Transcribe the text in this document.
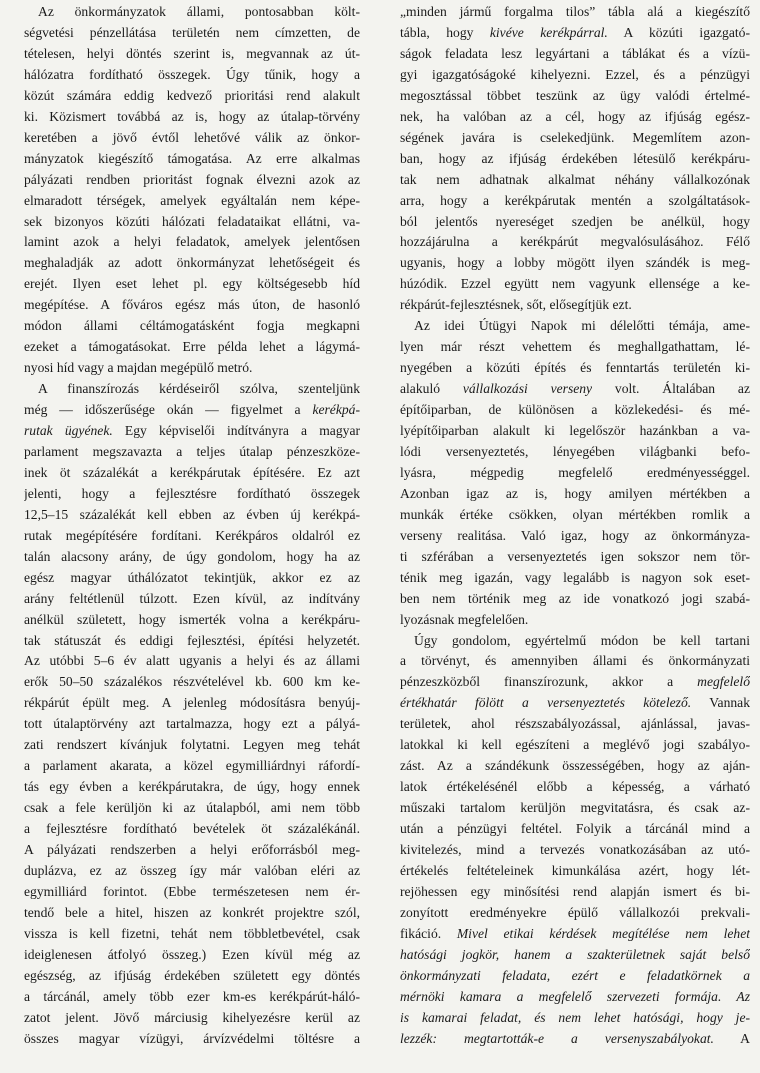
Az önkormányzatok állami, pontosabban költ-
ségvetési pénzellátása területén nem címzetten, de
tételesen, helyi döntés szerint is, megvannak az út-
hálózatra fordítható összegek. Úgy tűnik, hogy a
közút számára eddig kedvező prioritási rend alakult
ki. Közismert továbbá az is, hogy az útalap-törvény
keretében a jövő évtől lehetővé válik az önkor-
mányzatok kiegészítő támogatása. Az erre alkalmas
pályázati rendben prioritást fognak élvezni azok az
elmaradott térségek, amelyek egyáltalán nem képe-
sek bizonyos közúti hálózati feladataikat ellátni, va-
lamint azok a helyi feladatok, amelyek jelentősen
meghaladják az adott önkormányzat lehetőségeit és
erejét. Ilyen eset lehet pl. egy költségesebb híd
megépítése. A főváros egész más úton, de hasonló
módon állami céltámogatásként fogja megkapni
ezeket a támogatásokat. Erre példa lehet a lágymá-
nyosi híd vagy a majdan megépülő metró.
A finanszírozás kérdéseiről szólva, szenteljünk
még — időszerűsége okán — figyelmet a kerékpá-
rutak ügyének. Egy képviselői indítványra a magyar
parlament megszavazta a teljes útalap pénzeszköze-
inek öt százalékát a kerékpárutak építésére. Ez azt
jelenti, hogy a fejlesztésre fordítható összegek
12,5–15 százalékát kell ebben az évben új kerékpá-
rutak megépítésére fordítani. Kerékpáros oldalról ez
talán alacsony arány, de úgy gondolom, hogy ha az
egész magyar úthálózatot tekintjük, akkor ez az
arány feltétlenül túlzott. Ezen kívül, az indítvány
anélkül született, hogy ismerték volna a kerékpáru-
tak státuszát és eddigi fejlesztési, építési helyzetét.
Az utóbbi 5–6 év alatt ugyanis a helyi és az állami
erők 50–50 százalékos részvételével kb. 600 km ke-
rékpárút épült meg. A jelenleg módosításra benyúj-
tott útalaptörvény azt tartalmazza, hogy ezt a pályá-
zati rendszert kívánjuk folytatni. Legyen meg tehát
a parlament akarata, a közel egymilliárdnyi ráfordí-
tás egy évben a kerékpárutakra, de úgy, hogy ennek
csak a fele kerüljön ki az útalapból, ami nem több
a fejlesztésre fordítható bevételek öt százalékánál.
A pályázati rendszerben a helyi erőforrásból meg-
duplázva, ez az összeg így már valóban eléri az
egymilliárd forintot. (Ebbe természetesen nem ér-
tendő bele a hitel, hiszen az konkrét projektre szól,
vissza is kell fizetni, tehát nem többletbevétel, csak
ideiglenesen átfolyó összeg.) Ezen kívül még az
egészség, az ifjúság érdekében született egy döntés
a tárcánál, amely több ezer km-es kerékpárút-háló-
zatot jelent. Jövő márciusig kihelyezésre kerül az
összes magyar vízügyi, árvízvédelmi töltésre a
„minden jármű forgalma tilos” tábla alá a kiegészítő
tábla, hogy kivéve kerékpárral. A közúti igazgató-
ságok feladata lesz legyártani a táblákat és a vízü-
gyi igazgatóságoké kihelyezni. Ezzel, és a pénzügyi
megosztással többet teszünk az ügy valódi értelmé-
nek, ha valóban az a cél, hogy az ifjúság egész-
ségének javára is cselekedjünk. Megemlítem azon-
ban, hogy az ifjúság érdekében létesülő kerékpáru-
tak nem adhatnak alkalmat néhány vállalkozónak
arra, hogy a kerékpárutak mentén a szolgáltatások-
ból jelentős nyereséget szedjen be anélkül, hogy
hozzájárulna a kerékpárút megvalósulásához. Félő
ugyanis, hogy a lobby mögött ilyen szándék is meg-
húzódik. Ezzel együtt nem vagyunk ellensége a ke-
rékpárút-fejlesztésnek, sőt, elősegítjük ezt.
Az idei Útügyi Napok mi délelőtti témája, ame-
lyen már részt vehettem és meghallgathattam, lé-
nyegében a közúti építés és fenntartás területén ki-
alakuló vállalkozási verseny volt. Általában az
építőiparban, de különösen a közlekedési- és mé-
lyépítőiparban alakult ki legelőször hazánkban a va-
lódi versenyeztetés, lényegében világbanki befo-
lyásra, mégpedig megfelelő eredményességgel.
Azonban igaz az is, hogy amilyen mértékben a
munkák értéke csökken, olyan mértékben romlik a
verseny realitása. Való igaz, hogy az önkormányza-
ti szférában a versenyeztetés igen sokszor nem tör-
ténik meg igazán, vagy legalább is nagyon sok eset-
ben nem történik meg az ide vonatkozó jogi szabá-
lyozásnak megfelelően.
Úgy gondolom, egyértelmű módon be kell tartani
a törvényt, és amennyiben állami és önkormányzati
pénzeszközből finanszírozunk, akkor a megfelelő
értékhatár fölött a versenyeztetés kötelező. Vannak
területek, ahol részszabályozással, ajánlással, javas-
latokkal ki kell egészíteni a meglévő jogi szabályo-
zást. Az a szándékunk összességében, hogy az aján-
latok értékelésénél előbb a képesség, a várható
műszaki tartalom kerüljön megvitatásra, és csak az-
után a pénzügyi feltétel. Folyik a tárcánál mind a
kivitelezés, mind a tervezés vonatkozásában az utó-
értékelés feltételeinek kimunkálása azért, hogy lét-
rejöhessen egy minősítési rend alapján ismert és bi-
zonyított eredményekre épülő vállalkozói prekvali-
fikáció. Mivel etikai kérdések megítélése nem lehet
hatósági jogkör, hanem a szakterületnek saját belső
önkormányzati feladata, ezért e feladatkörnek a
mérnöki kamara a megfelelő szervezeti formája. Az
is kamarai feladat, és nem lehet hatósági, hogy je-
lezzék: megtartották-e a versenyszabályokat. A
